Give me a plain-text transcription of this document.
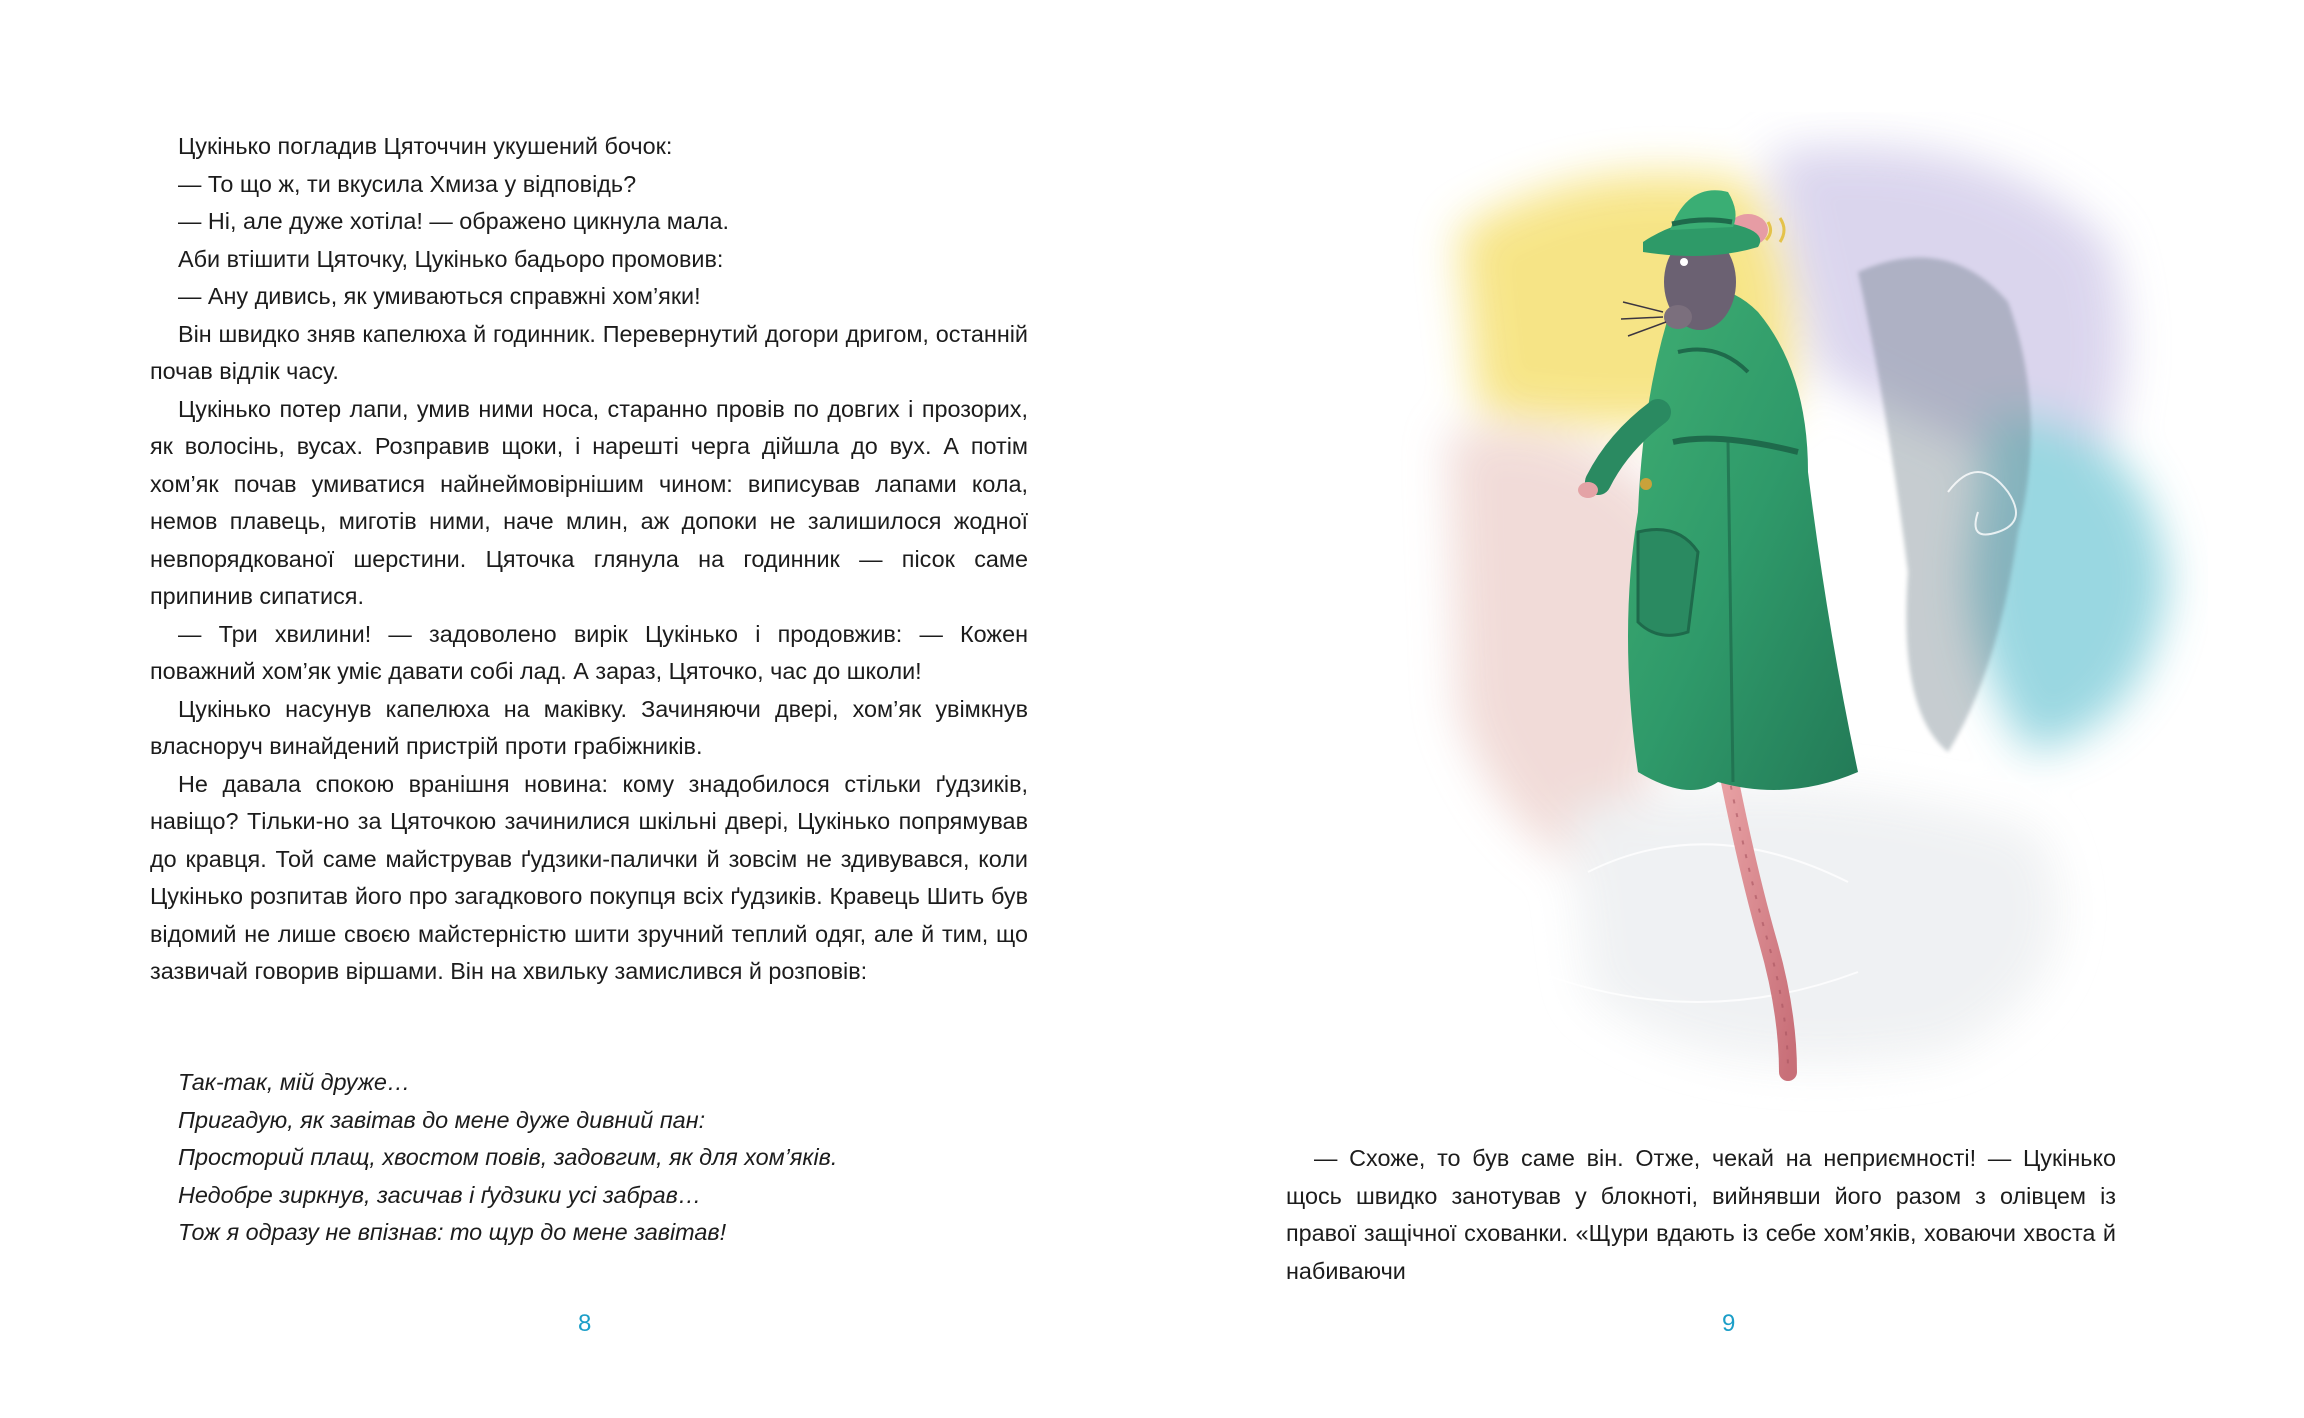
Цукінько погладив Цяточчин укушений бочок:

— То що ж, ти вкусила Хмиза у відповідь?

— Ні, але дуже хотіла! — ображено цикнула мала.

Аби втішити Цяточку, Цукінько бадьоро промовив:

— Ану дивись, як умиваються справжні хом’яки!

Він швидко зняв капелюха й годинник. Перевернутий догори дригом, останній почав відлік часу.

Цукінько потер лапи, умив ними носа, старанно провів по довгих і прозорих, як волосінь, вусах. Розправив щоки, і нарешті черга дійшла до вух. А потім хом’як почав умиватися найнеймовірнішим чином: виписував лапами кола, немов плавець, миготів ними, наче млин, аж допоки не залишилося жодної невпорядкованої шерстини. Цяточка глянула на годинник — пісок саме припинив сипатися.

— Три хвилини! — задоволено вирік Цукінько і продовжив: — Кожен поважний хом’як уміє давати собі лад. А зараз, Цяточко, час до школи!

Цукінько насунув капелюха на маківку. Зачиняючи двері, хом’як увімкнув власноруч винайдений пристрій проти грабіжників.

Не давала спокою вранішня новина: кому знадобилося стільки ґудзиків, навіщо? Тільки-но за Цяточкою зачинилися шкільні двері, Цукінько попрямував до кравця. Той саме майстрував ґудзики-палички й зовсім не здивувався, коли Цукінько розпитав його про загадкового покупця всіх ґудзиків. Кравець Шить був відомий не лише своєю майстерністю шити зручний теплий одяг, але й тим, що зазвичай говорив віршами. Він на хвильку замислився й розповів:

Так-так, мій друже…
Пригадую, як завітав до мене дуже дивний пан:
Просторий плащ, хвостом повів, задовгим, як для хом’яків.
Недобре зиркнув, засичав і ґудзики усі забрав…
Тож я одразу не впізнав: то щур до мене завітав!
8

— Схоже, то був саме він. Отже, чекай на неприємності! — Цукінько щось швидко занотував у блокноті, вийнявши його разом з олівцем із правої защічної схованки. «Щури вдають із себе хом’яків, ховаючи хвоста й набиваючи

9
